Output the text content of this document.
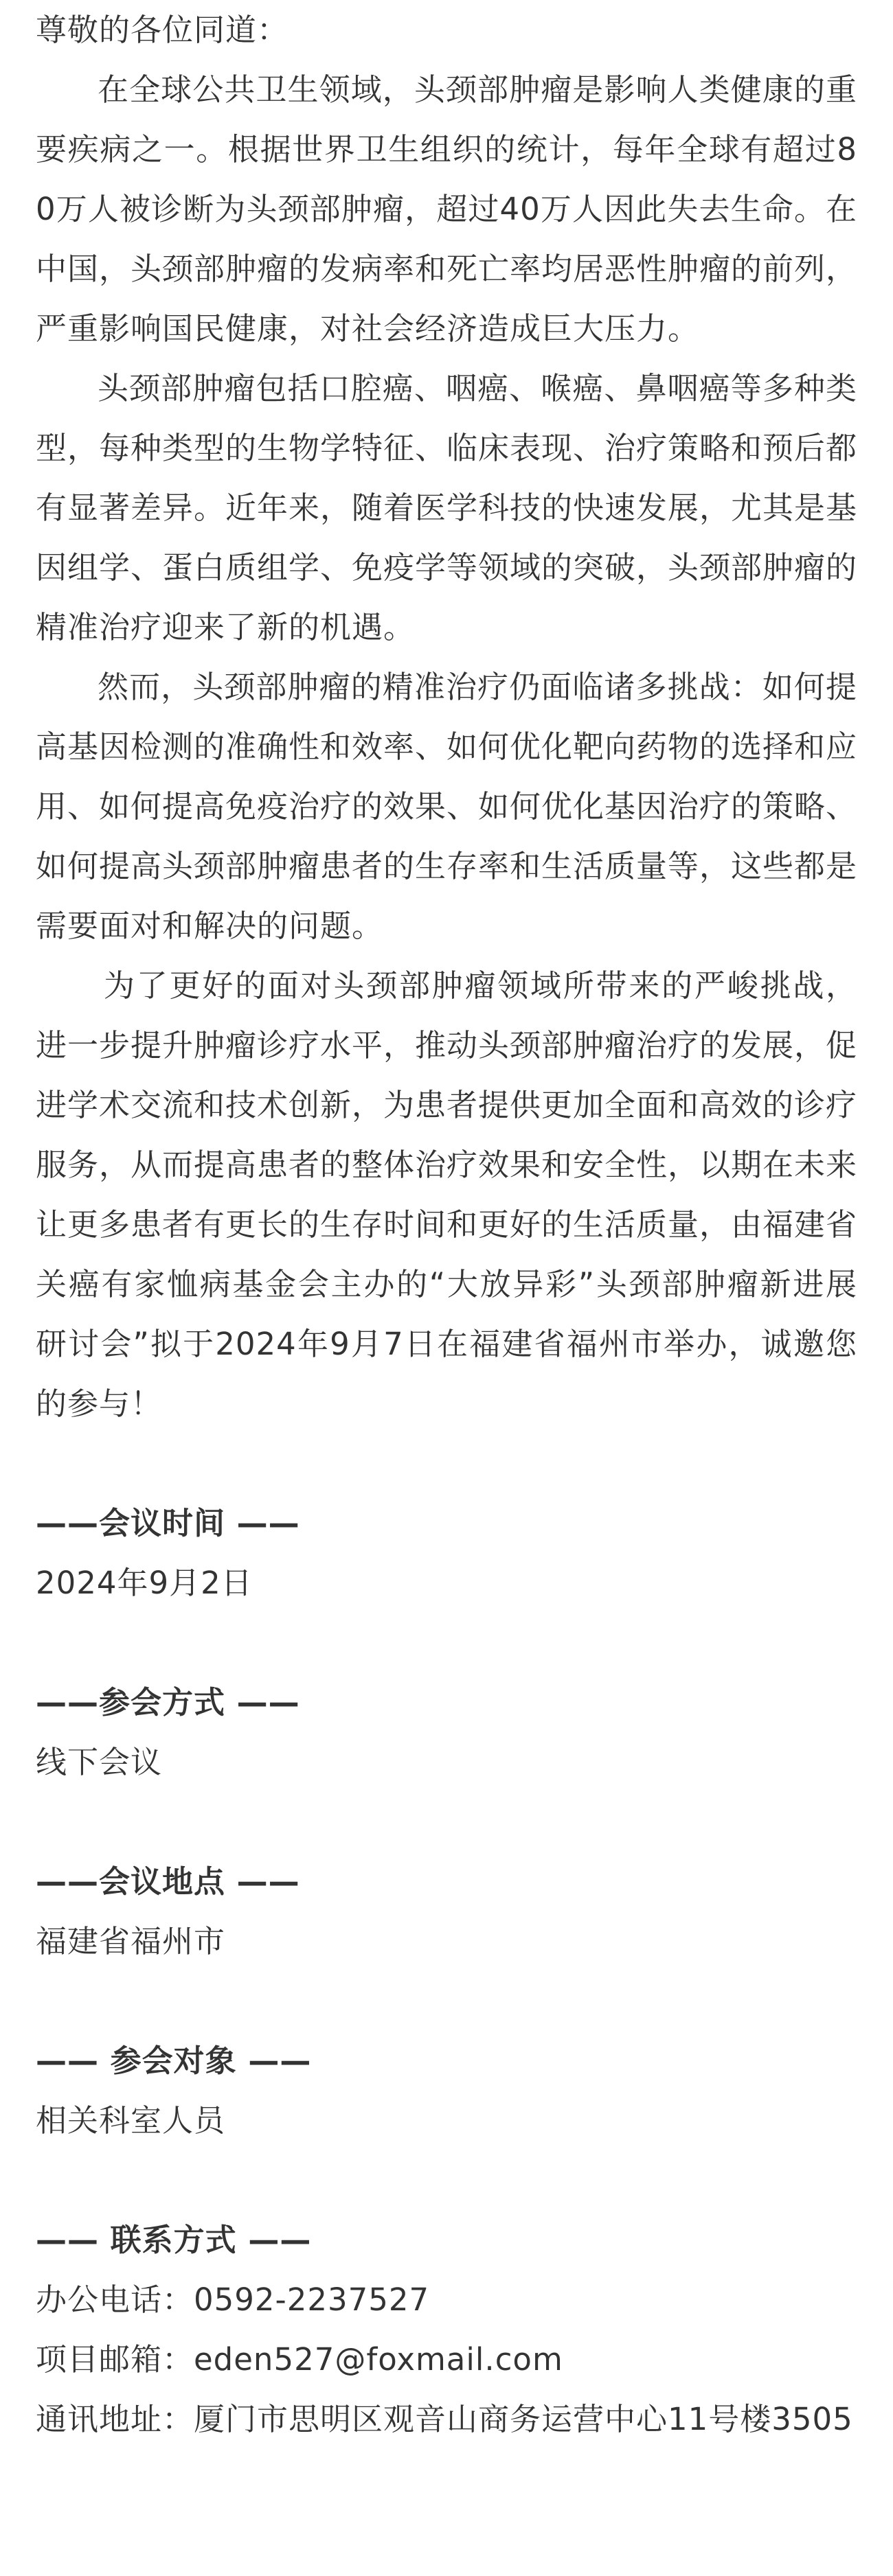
尊敬的各位同道：

在全球公共卫生领域，头颈部肿瘤是影响人类健康的重要疾病之一。根据世界卫生组织的统计，每年全球有超过80万人被诊断为头颈部肿瘤，超过40万人因此失去生命。在中国，头颈部肿瘤的发病率和死亡率均居恶性肿瘤的前列，严重影响国民健康，对社会经济造成巨大压力。

头颈部肿瘤包括口腔癌、咽癌、喉癌、鼻咽癌等多种类型，每种类型的生物学特征、临床表现、治疗策略和预后都有显著差异。近年来，随着医学科技的快速发展，尤其是基因组学、蛋白质组学、免疫学等领域的突破，头颈部肿瘤的精准治疗迎来了新的机遇。

然而，头颈部肿瘤的精准治疗仍面临诸多挑战：如何提高基因检测的准确性和效率、如何优化靶向药物的选择和应用、如何提高免疫治疗的效果、如何优化基因治疗的策略、如何提高头颈部肿瘤患者的生存率和生活质量等，这些都是需要面对和解决的问题。

为了更好的面对头颈部肿瘤领域所带来的严峻挑战，进一步提升肿瘤诊疗水平，推动头颈部肿瘤治疗的发展，促进学术交流和技术创新，为患者提供更加全面和高效的诊疗服务，从而提高患者的整体治疗效果和安全性，以期在未来让更多患者有更长的生存时间和更好的生活质量，由福建省关癌有家恤病基金会主办的“大放异彩”头颈部肿瘤新进展研讨会”拟于2024年9月7日在福建省福州市举办，诚邀您的参与！

——会议时间 ——

2024年9月2日

——参会方式 ——

线下会议

——会议地点 ——

福建省福州市

—— 参会对象 ——

相关科室人员

—— 联系方式 ——

办公电话：0592-2237527

项目邮箱：eden527@foxmail.com

通讯地址：厦门市思明区观音山商务运营中心11号楼3505
